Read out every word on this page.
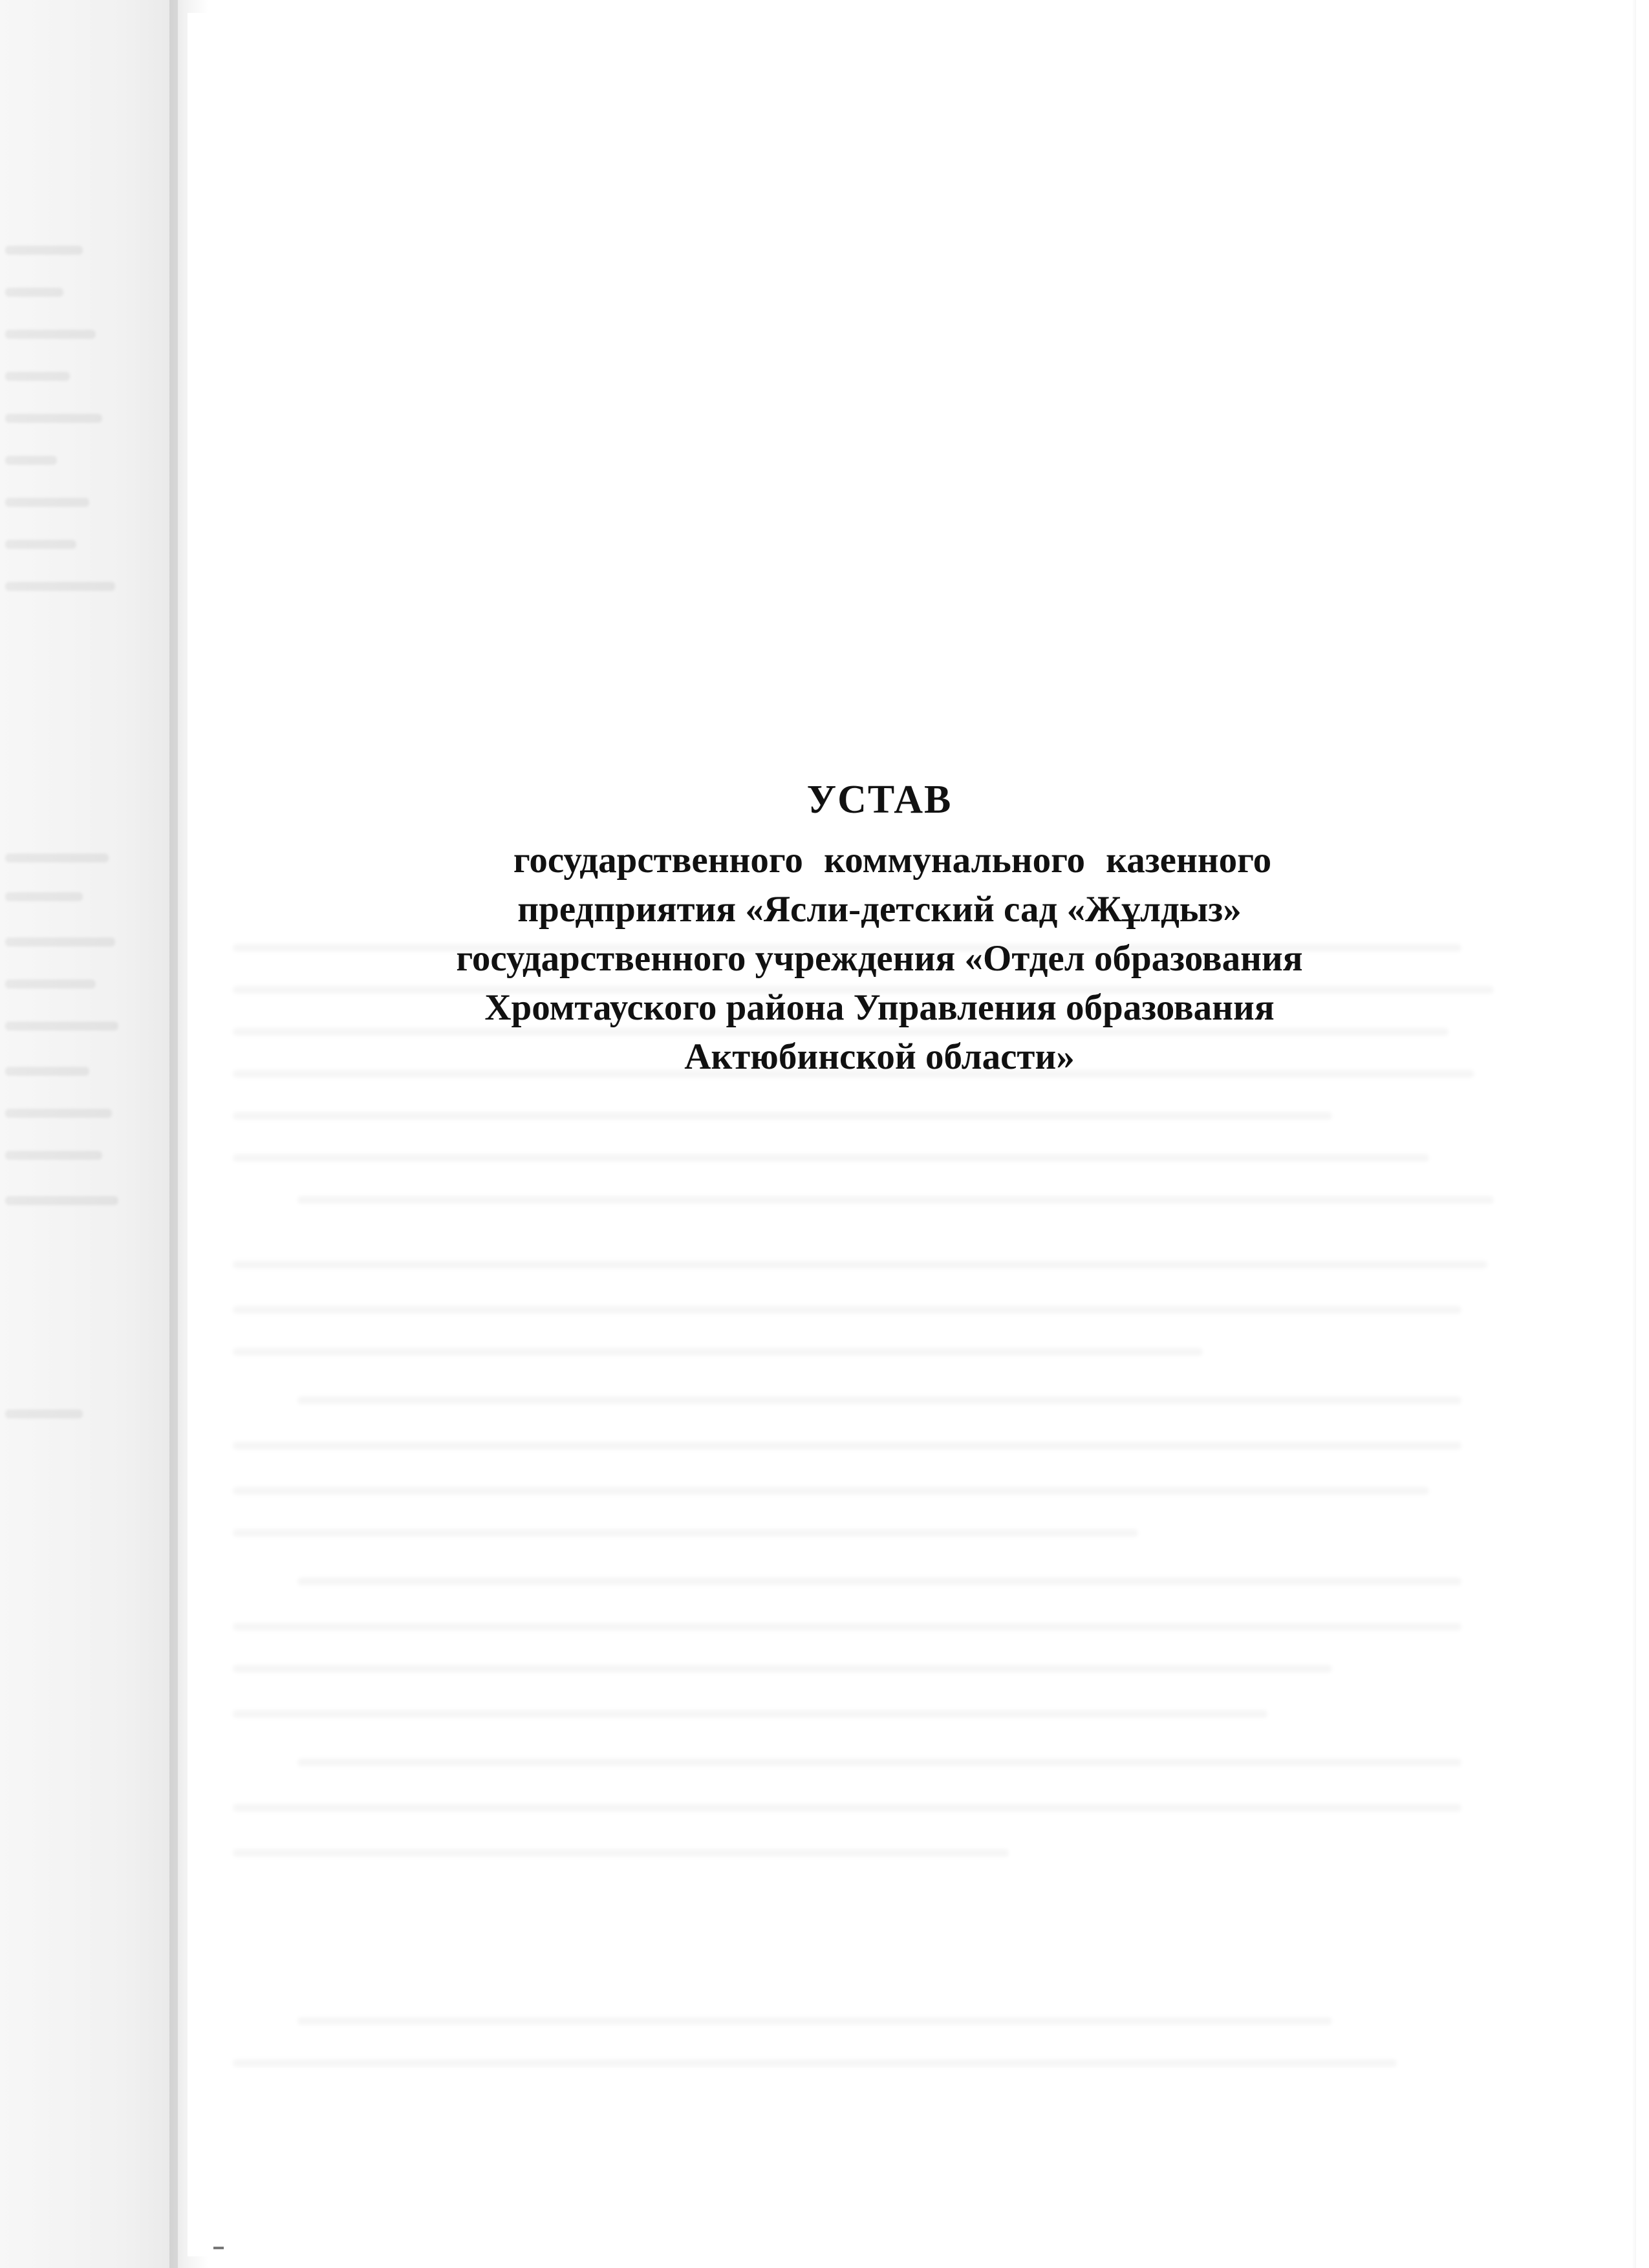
УСТАВ
государственного коммунального казенного
предприятия «Ясли-детский сад «Жұлдыз»
государственного учреждения «Отдел образования
Хромтауского района Управления образования
Актюбинской области»
